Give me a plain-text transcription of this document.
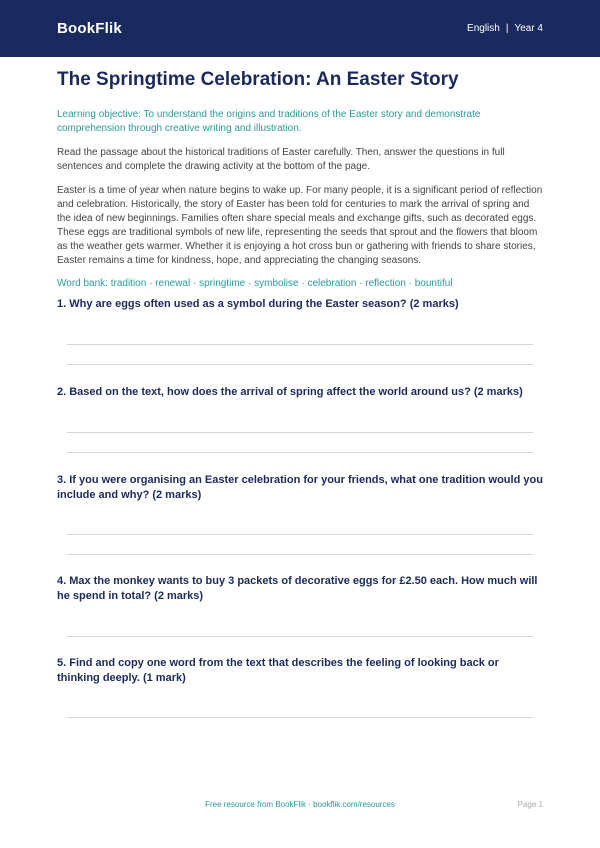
BookFlik	English | Year 4
The Springtime Celebration: An Easter Story
Learning objective: To understand the origins and traditions of the Easter story and demonstrate comprehension through creative writing and illustration.
Read the passage about the historical traditions of Easter carefully. Then, answer the questions in full sentences and complete the drawing activity at the bottom of the page.
Easter is a time of year when nature begins to wake up. For many people, it is a significant period of reflection and celebration. Historically, the story of Easter has been told for centuries to mark the arrival of spring and the idea of new beginnings. Families often share special meals and exchange gifts, such as decorated eggs. These eggs are traditional symbols of new life, representing the seeds that sprout and the flowers that bloom as the weather gets warmer. Whether it is enjoying a hot cross bun or gathering with friends to share stories, Easter remains a time for kindness, hope, and appreciating the changing seasons.
Word bank: tradition · renewal · springtime · symbolise · celebration · reflection · bountiful
1. Why are eggs often used as a symbol during the Easter season? (2 marks)
2. Based on the text, how does the arrival of spring affect the world around us? (2 marks)
3. If you were organising an Easter celebration for your friends, what one tradition would you include and why? (2 marks)
4. Max the monkey wants to buy 3 packets of decorative eggs for £2.50 each. How much will he spend in total? (2 marks)
5. Find and copy one word from the text that describes the feeling of looking back or thinking deeply. (1 mark)
Free resource from BookFlik · bookflik.com/resources	Page 1
